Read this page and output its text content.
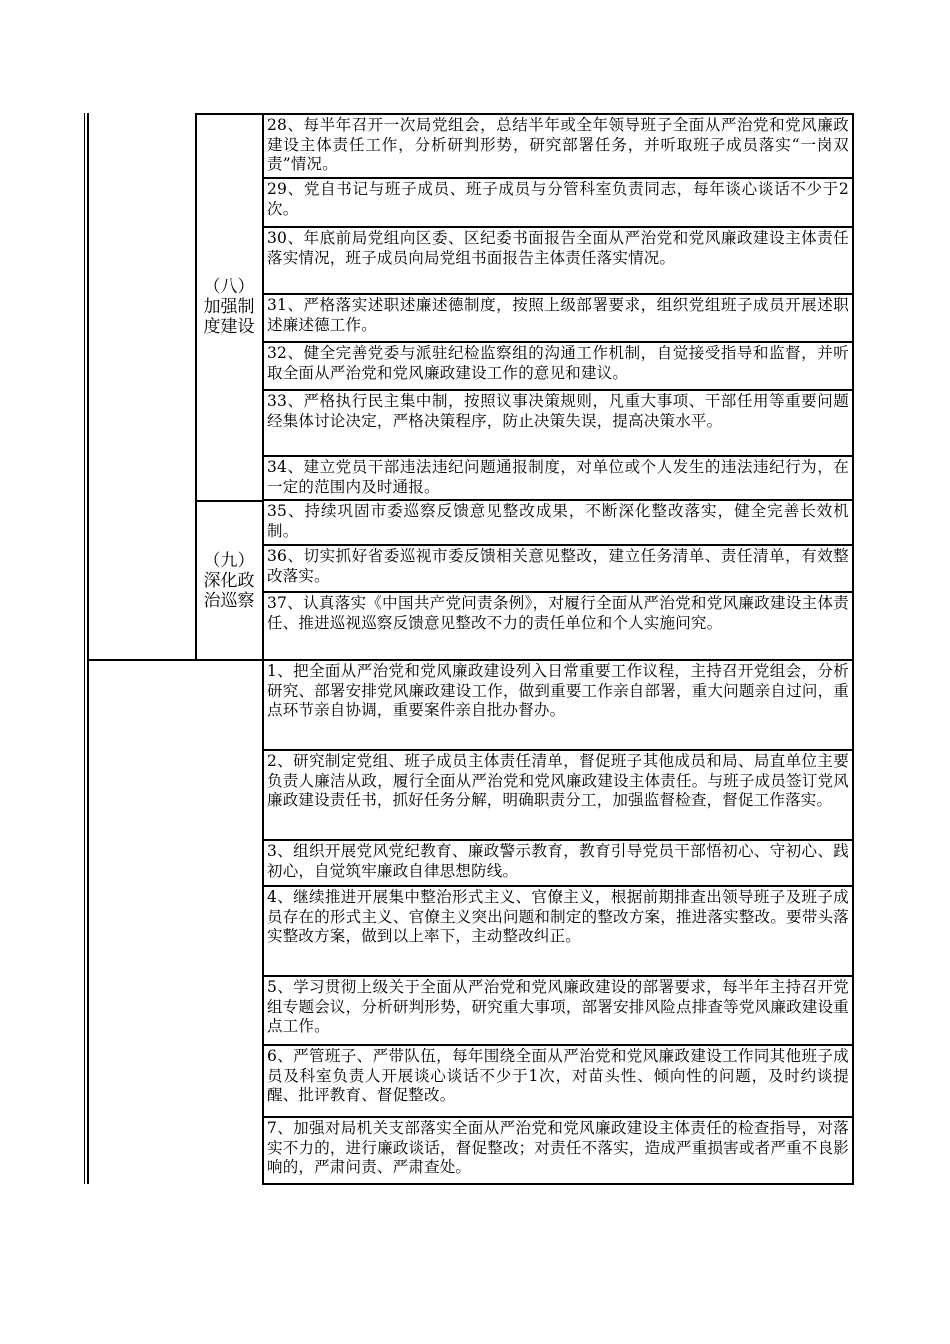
（八）
加强制
度建设
（九）
深化政
治巡察
28、每半年召开一次局党组会，总结半年或全年领导班子全面从严治党和党风廉政建设主体责任工作，分析研判形势，研究部署任务，并听取班子成员落实“一岗双责”情况。
29、党自书记与班子成员、班子成员与分管科室负责同志，每年谈心谈话不少于2次。
30、年底前局党组向区委、区纪委书面报告全面从严治党和党风廉政建设主体责任落实情况，班子成员向局党组书面报告主体责任落实情况。
31、严格落实述职述廉述德制度，按照上级部署要求，组织党组班子成员开展述职述廉述德工作。
32、健全完善党委与派驻纪检监察组的沟通工作机制，自觉接受指导和监督，并听取全面从严治党和党风廉政建设工作的意见和建议。
33、严格执行民主集中制，按照议事决策规则，凡重大事项、干部任用等重要问题经集体讨论决定，严格决策程序，防止决策失误，提高决策水平。
34、建立党员干部违法违纪问题通报制度，对单位或个人发生的违法违纪行为，在一定的范围内及时通报。
35、持续巩固市委巡察反馈意见整改成果，不断深化整改落实，健全完善长效机制。
36、切实抓好省委巡视市委反馈相关意见整改，建立任务清单、责任清单，有效整改落实。
37、认真落实《中国共产党问责条例》，对履行全面从严治党和党风廉政建设主体责任、推进巡视巡察反馈意见整改不力的责任单位和个人实施问究。
1、把全面从严治党和党风廉政建设列入日常重要工作议程，主持召开党组会，分析研究、部署安排党风廉政建设工作，做到重要工作亲自部署，重大问题亲自过问，重点环节亲自协调，重要案件亲自批办督办。
2、研究制定党组、班子成员主体责任清单，督促班子其他成员和局、局直单位主要负责人廉洁从政，履行全面从严治党和党风廉政建设主体责任。与班子成员签订党风廉政建设责任书，抓好任务分解，明确职责分工，加强监督检查，督促工作落实。
3、组织开展党风党纪教育、廉政警示教育，教育引导党员干部悟初心、守初心、践初心，自觉筑牢廉政自律思想防线。
4、继续推进开展集中整治形式主义、官僚主义，根据前期排查出领导班子及班子成员存在的形式主义、官僚主义突出问题和制定的整改方案，推进落实整改。要带头落实整改方案，做到以上率下，主动整改纠正。
5、学习贯彻上级关于全面从严治党和党风廉政建设的部署要求，每半年主持召开党组专题会议，分析研判形势，研究重大事项，部署安排风险点排查等党风廉政建设重点工作。
6、严管班子、严带队伍，每年围绕全面从严治党和党风廉政建设工作同其他班子成员及科室负责人开展谈心谈话不少于1次，对苗头性、倾向性的问题，及时约谈提醒、批评教育、督促整改。
7、加强对局机关支部落实全面从严治党和党风廉政建设主体责任的检查指导，对落实不力的，进行廉政谈话，督促整改；对责任不落实，造成严重损害或者严重不良影响的，严肃问责、严肃查处。
